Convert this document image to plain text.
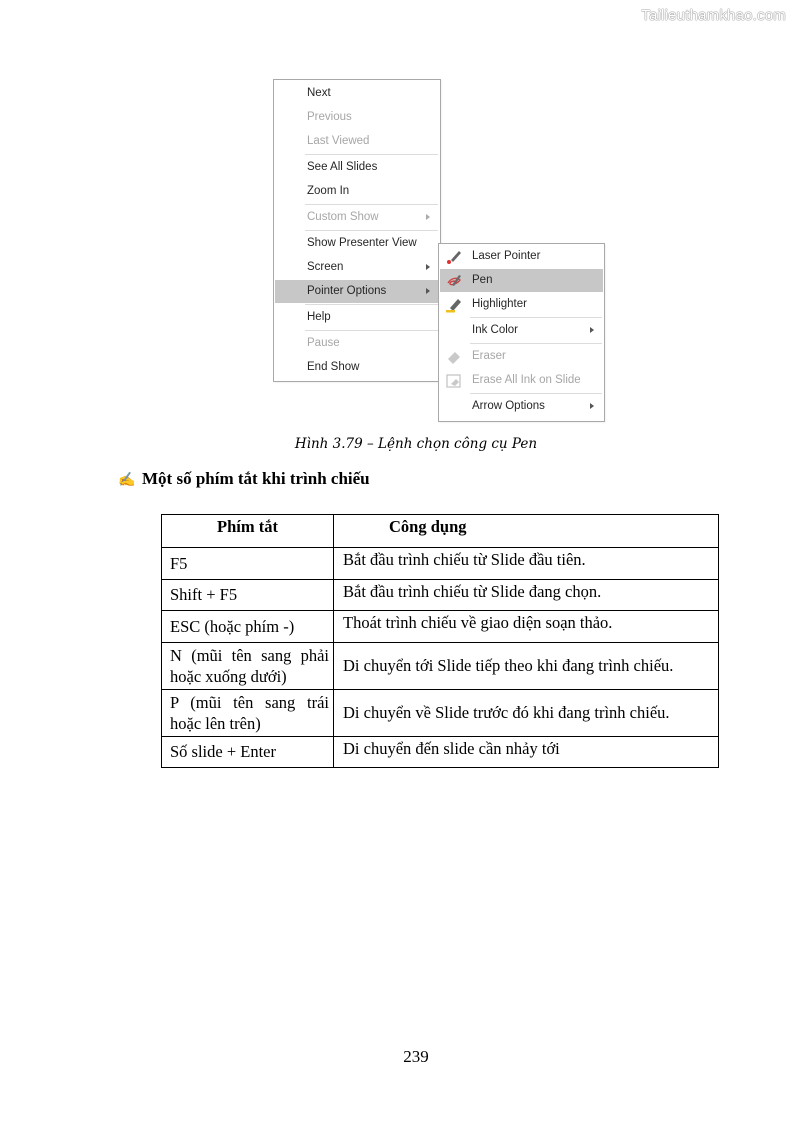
Tailieuthamkhao.com
Next
Previous
Last Viewed
See All Slides
Zoom In
Custom Show
Show Presenter View
Screen
Pointer Options
Help
Pause
End Show
Laser Pointer
Pen
Highlighter
Ink Color
Eraser
Erase All Ink on Slide
Arrow Options
Hình 3.79 – Lệnh chọn công cụ Pen
✍ Một số phím tắt khi trình chiếu
Phím tắt	Công dụng
F5	Bắt đầu trình chiếu từ Slide đầu tiên.
Shift + F5	Bắt đầu trình chiếu từ Slide đang chọn.
ESC (hoặc phím -)	Thoát trình chiếu về giao diện soạn thảo.
N (mũi tên sang phải hoặc xuống dưới)	Di chuyển tới Slide tiếp theo khi đang trình chiếu.
P (mũi tên sang trái hoặc lên trên)	Di chuyển về Slide trước đó khi đang trình chiếu.
Số slide + Enter	Di chuyển đến slide cần nhảy tới
239
